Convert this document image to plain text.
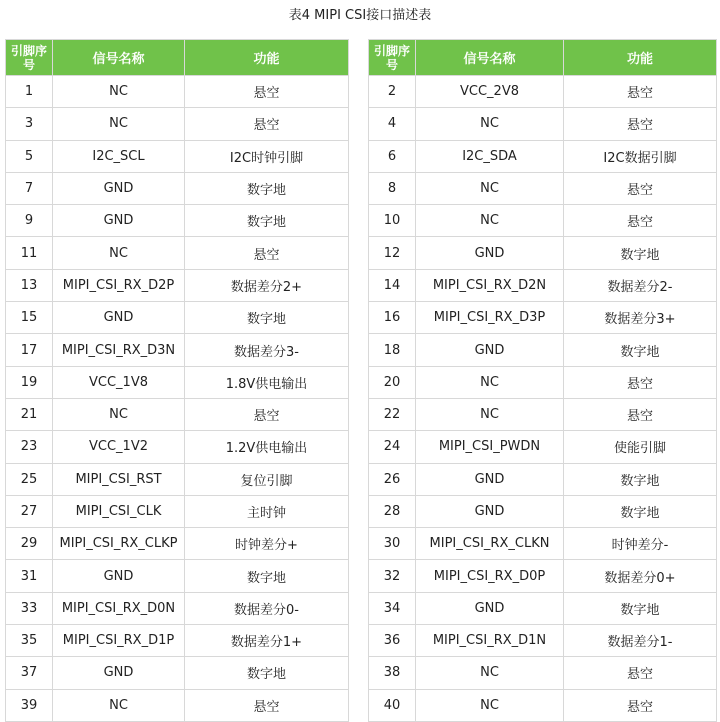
表4 MIPI CSI接口描述表
引脚序号	信号名称	功能
1	NC	悬空
3	NC	悬空
5	I2C_SCL	I2C时钟引脚
7	GND	数字地
9	GND	数字地
11	NC	悬空
13	MIPI_CSI_RX_D2P	数据差分2+
15	GND	数字地
17	MIPI_CSI_RX_D3N	数据差分3-
19	VCC_1V8	1.8V供电输出
21	NC	悬空
23	VCC_1V2	1.2V供电输出
25	MIPI_CSI_RST	复位引脚
27	MIPI_CSI_CLK	主时钟
29	MIPI_CSI_RX_CLKP	时钟差分+
31	GND	数字地
33	MIPI_CSI_RX_D0N	数据差分0-
35	MIPI_CSI_RX_D1P	数据差分1+
37	GND	数字地
39	NC	悬空
引脚序号	信号名称	功能
2	VCC_2V8	悬空
4	NC	悬空
6	I2C_SDA	I2C数据引脚
8	NC	悬空
10	NC	悬空
12	GND	数字地
14	MIPI_CSI_RX_D2N	数据差分2-
16	MIPI_CSI_RX_D3P	数据差分3+
18	GND	数字地
20	NC	悬空
22	NC	悬空
24	MIPI_CSI_PWDN	使能引脚
26	GND	数字地
28	GND	数字地
30	MIPI_CSI_RX_CLKN	时钟差分-
32	MIPI_CSI_RX_D0P	数据差分0+
34	GND	数字地
36	MIPI_CSI_RX_D1N	数据差分1-
38	NC	悬空
40	NC	悬空
